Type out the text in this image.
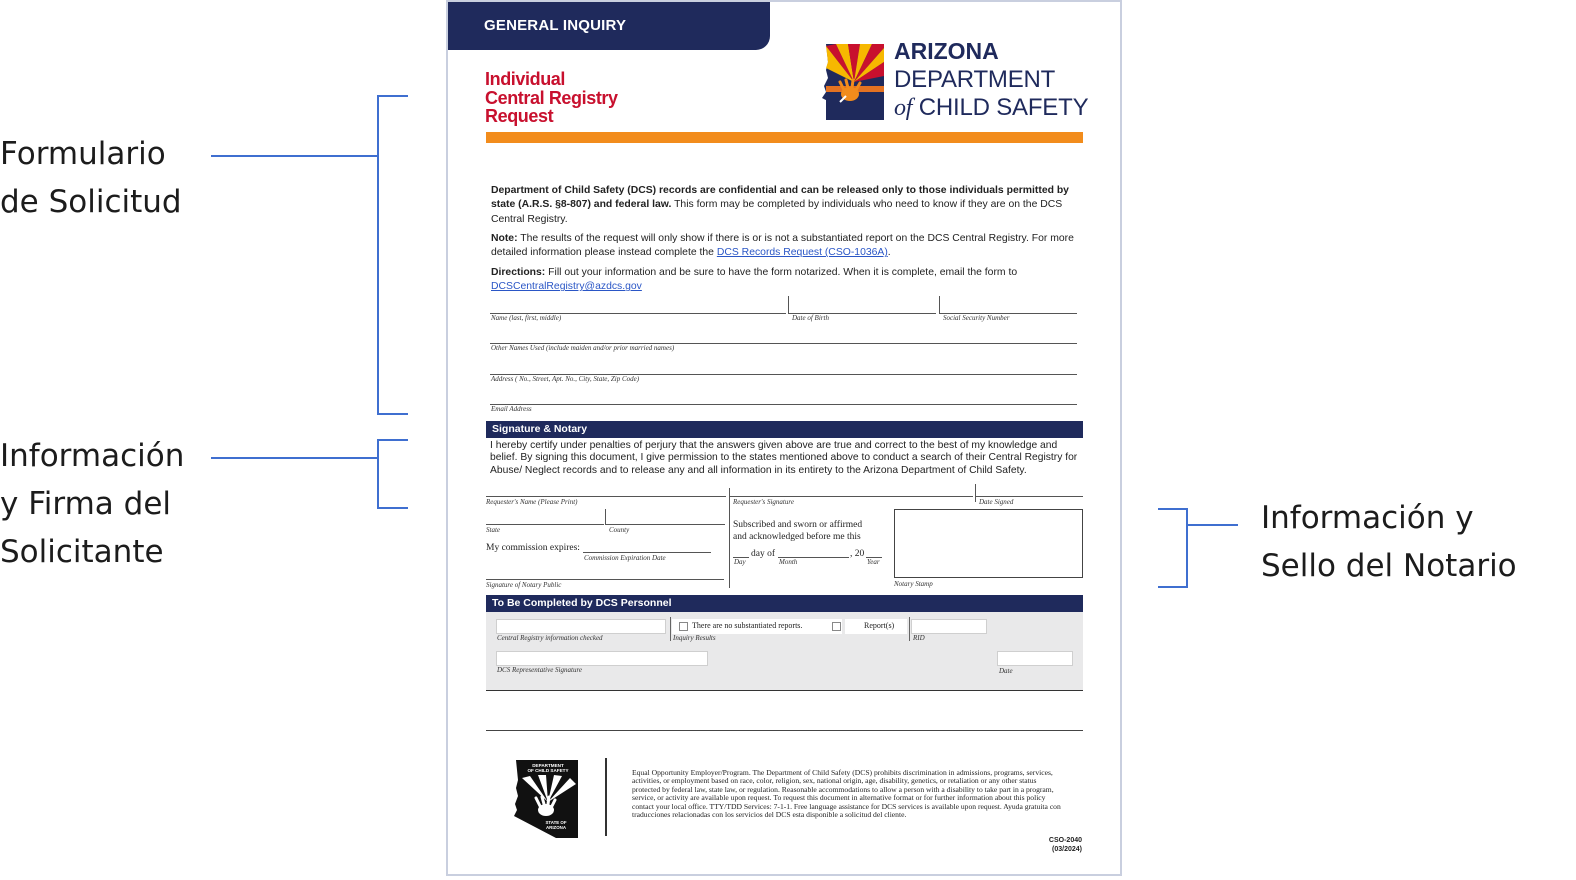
Formulario
de Solicitud
Información
y Firma del
Solicitante
Información y
Sello del Notario
GENERAL INQUIRY
Individual
Central Registry
Request
ARIZONA
DEPARTMENT
of CHILD SAFETY
Department of Child Safety (DCS) records are confidential and can be released only to those individuals permitted by state (A.R.S. §8-807) and federal law. This form may be completed by individuals who need to know if they are on the DCS Central Registry.
Note: The results of the request will only show if there is or is not a substantiated report on the DCS Central Registry. For more detailed information please instead complete the DCS Records Request (CSO-1036A).
Directions: Fill out your information and be sure to have the form notarized. When it is complete, email the form to DCSCentralRegistry@azdcs.gov
Name (last, first, middle)	Date of Birth	Social Security Number
Other Names Used (include maiden and/or prior married names)
Address ( No., Street, Apt. No., City, State, Zip Code)
Email Address
Signature & Notary
I hereby certify under penalties of perjury that the answers given above are true and correct to the best of my knowledge and belief. By signing this document, I give permission to the states mentioned above to conduct a search of their Central Registry for Abuse/ Neglect records and to release any and all information in its entirety to the Arizona Department of Child Safety.
Requester's Name (Please Print)	Requester's Signature	Date Signed
State	County
My commission expires:
Commission Expiration Date
Signature of Notary Public
Subscribed and sworn or affirmed
and acknowledged before me this
day of	, 20
Day	Month	Year
Notary Stamp
To Be Completed by DCS Personnel
Central Registry information checked
There are no substantiated reports.	Report(s)
Inquiry Results	RID
DCS Representative Signature	Date
DEPARTMENT
OF CHILD SAFETY
STATE OF
ARIZONA
Equal Opportunity Employer/Program. The Department of Child Safety (DCS) prohibits discrimination in admissions, programs, services, activities, or employment based on race, color, religion, sex, national origin, age, disability, genetics, or retaliation or any other status protected by federal law, state law, or regulation. Reasonable accommodations to allow a person with a disability to take part in a program, service, or activity are available upon request. To request this document in alternative format or for further information about this policy contact your local office. TTY/TDD Services: 7-1-1. Free language assistance for DCS services is available upon request. Ayuda gratuita con traducciones relacionadas con los servicios del DCS esta disponible a solicitud del cliente.
CSO-2040
(03/2024)
